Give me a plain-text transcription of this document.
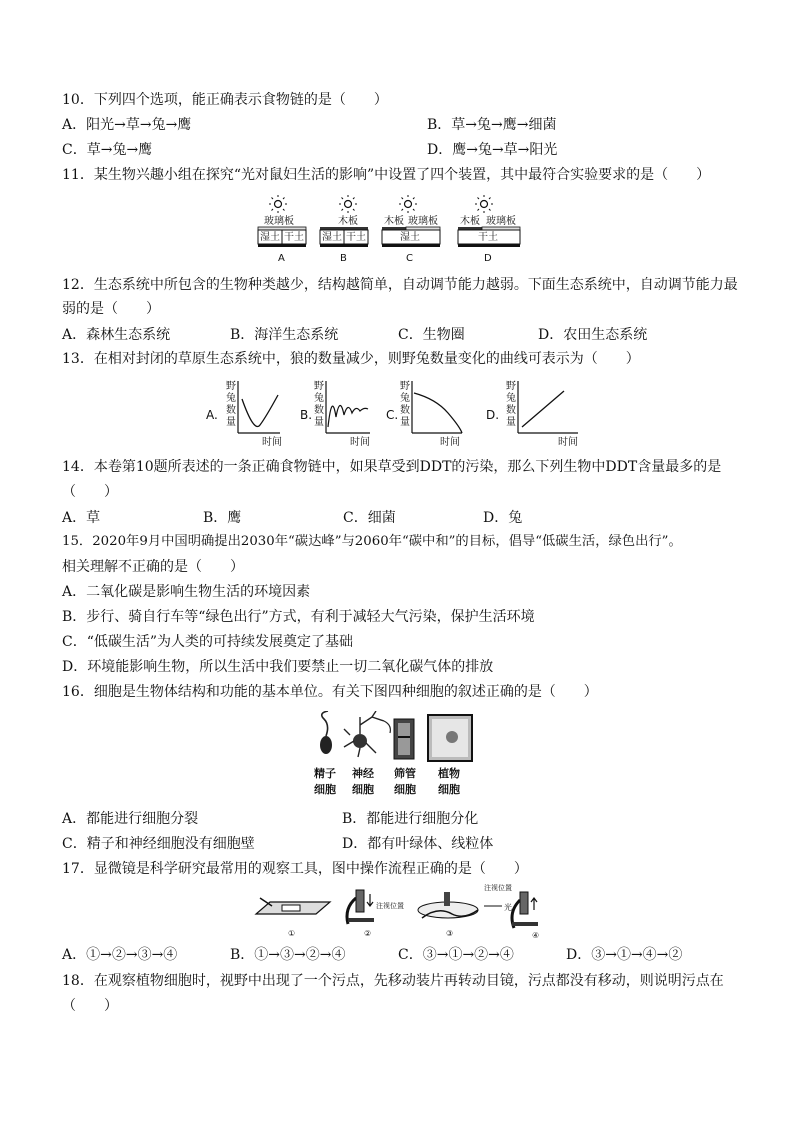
10．下列四个选项，能正确表示食物链的是（　　）
A．阳光→草→兔→鹰	B．草→兔→鹰→细菌
C．草→兔→鹰	D．鹰→兔→草→阳光
11．某生物兴趣小组在探究“光对鼠妇生活的影响”中设置了四个装置，其中最符合实验要求的是（　　）
玻璃板
湿土 干土
A
木板
湿土 干土
B
木板 玻璃板
湿土
C
木板 玻璃板
干土
D
12．生态系统中所包含的生物种类越少，结构越简单，自动调节能力越弱。下面生态系统中，自动调节能力最
弱的是（　　）
A．森林生态系统	B．海洋生态系统	C．生物圈	D．农田生态系统
13．在相对封闭的草原生态系统中，狼的数量减少，则野兔数量变化的曲线可表示为（　　）
A.
野
兔
数
量
时间
B.
野
兔
数
量
时间
C.
野
兔
数
量
时间
D.
野
兔
数
量
时间
14．本卷第10题所表述的一条正确食物链中，如果草受到DDT的污染，那么下列生物中DDT含量最多的是
（　　）
A．草	B．鹰	C．细菌	D．兔
15．2020年9月中国明确提出2030年“碳达峰”与2060年“碳中和”的目标，倡导“低碳生活，绿色出行”。
相关理解不正确的是（　　）
A．二氧化碳是影响生物生活的环境因素
B．步行、骑自行车等“绿色出行”方式，有利于减轻大气污染，保护生活环境
C．“低碳生活”为人类的可持续发展奠定了基础
D．环境能影响生物，所以生活中我们要禁止一切二氧化碳气体的排放
16．细胞是生物体结构和功能的基本单位。有关下图四种细胞的叙述正确的是（　　）
精子
细胞
神经
细胞
筛管
细胞
植物
细胞
A．都能进行细胞分裂	B．都能进行细胞分化
C．精子和神经细胞没有细胞壁	D．都有叶绿体、线粒体
17．显微镜是科学研究最常用的观察工具，图中操作流程正确的是（　　）
①
注视位置
②
光
③
注视位置
④
A．①→②→③→④	B．①→③→②→④	C．③→①→②→④	D．③→①→④→②
18．在观察植物细胞时，视野中出现了一个污点，先移动装片再转动目镜，污点都没有移动，则说明污点在
（　　）
